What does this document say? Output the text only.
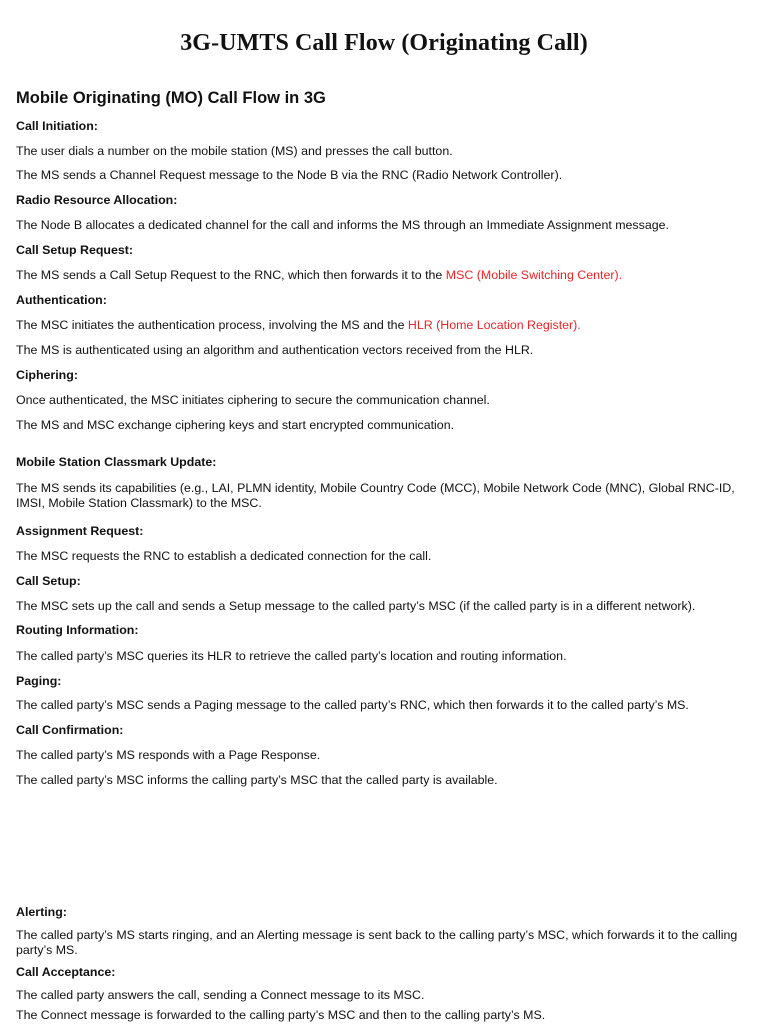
3G-UMTS Call Flow (Originating Call)
Mobile Originating (MO) Call Flow in 3G
Call Initiation:
The user dials a number on the mobile station (MS) and presses the call button.
The MS sends a Channel Request message to the Node B via the RNC (Radio Network Controller).
Radio Resource Allocation:
The Node B allocates a dedicated channel for the call and informs the MS through an Immediate Assignment message.
Call Setup Request:
The MS sends a Call Setup Request to the RNC, which then forwards it to the MSC (Mobile Switching Center).
Authentication:
The MSC initiates the authentication process, involving the MS and the HLR (Home Location Register).
The MS is authenticated using an algorithm and authentication vectors received from the HLR.
Ciphering:
Once authenticated, the MSC initiates ciphering to secure the communication channel.
The MS and MSC exchange ciphering keys and start encrypted communication.
Mobile Station Classmark Update:
The MS sends its capabilities (e.g., LAI, PLMN identity, Mobile Country Code (MCC), Mobile Network Code (MNC), Global RNC-ID, IMSI, Mobile Station Classmark) to the MSC.
Assignment Request:
The MSC requests the RNC to establish a dedicated connection for the call.
Call Setup:
The MSC sets up the call and sends a Setup message to the called party’s MSC (if the called party is in a different network).
Routing Information:
The called party’s MSC queries its HLR to retrieve the called party’s location and routing information.
Paging:
The called party’s MSC sends a Paging message to the called party’s RNC, which then forwards it to the called party’s MS.
Call Confirmation:
The called party’s MS responds with a Page Response.
The called party’s MSC informs the calling party’s MSC that the called party is available.
Alerting:
The called party’s MS starts ringing, and an Alerting message is sent back to the calling party’s MSC, which forwards it to the calling party’s MS.
Call Acceptance:
The called party answers the call, sending a Connect message to its MSC.
The Connect message is forwarded to the calling party’s MSC and then to the calling party’s MS.
